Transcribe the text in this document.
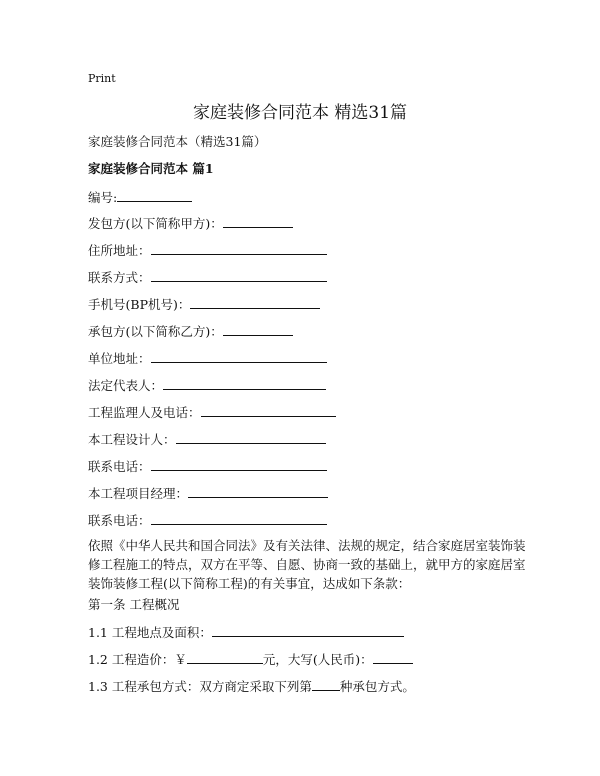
Print
家庭装修合同范本 精选31篇
家庭装修合同范本（精选31篇）
家庭装修合同范本 篇1
编号:
发包方(以下简称甲方)：
住所地址：
联系方式：
手机号(BP机号)：
承包方(以下简称乙方)：
单位地址：
法定代表人：
工程监理人及电话：
本工程设计人：
联系电话：
本工程项目经理：
联系电话：
依照《中华人民共和国合同法》及有关法律、法规的规定，结合家庭居室装饰装修工程施工的特点，双方在平等、自愿、协商一致的基础上，就甲方的家庭居室装饰装修工程(以下简称工程)的有关事宜，达成如下条款：
第一条 工程概况
1.1 工程地点及面积：
1.2 工程造价：￥	元，大写(人民币)：
1.3 工程承包方式：双方商定采取下列第 种承包方式。
